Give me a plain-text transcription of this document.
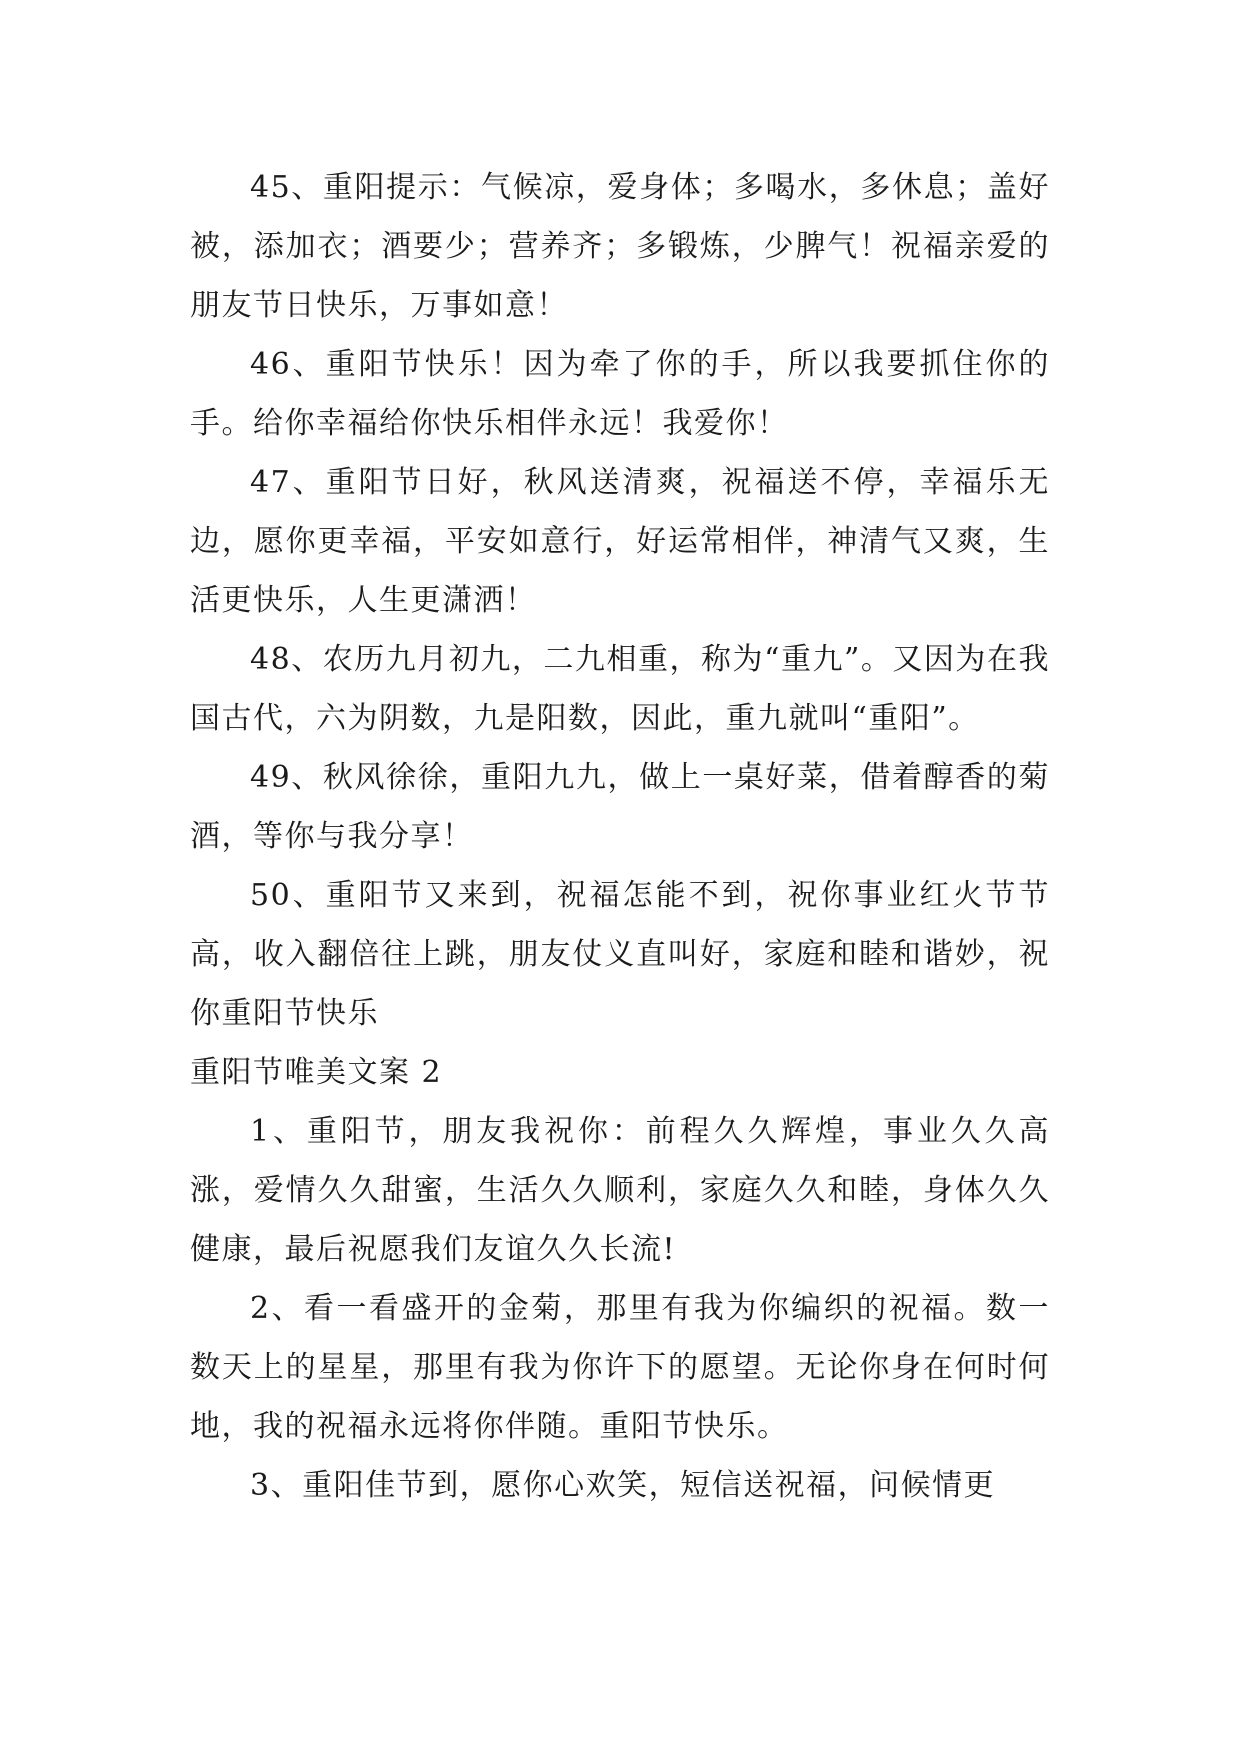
45、重阳提示：气候凉，爱身体；多喝水，多休息；盖好被，添加衣；酒要少；营养齐；多锻炼，少脾气！祝福亲爱的朋友节日快乐，万事如意！

46、重阳节快乐！因为牵了你的手，所以我要抓住你的手。给你幸福给你快乐相伴永远！我爱你！

47、重阳节日好，秋风送清爽，祝福送不停，幸福乐无边，愿你更幸福，平安如意行，好运常相伴，神清气又爽，生活更快乐，人生更潇洒！

48、农历九月初九，二九相重，称为“重九”。又因为在我国古代，六为阴数，九是阳数，因此，重九就叫“重阳”。

49、秋风徐徐，重阳九九，做上一桌好菜，借着醇香的菊酒，等你与我分享！

50、重阳节又来到，祝福怎能不到，祝你事业红火节节高，收入翻倍往上跳，朋友仗义直叫好，家庭和睦和谐妙，祝你重阳节快乐

重阳节唯美文案 2

1、重阳节，朋友我祝你：前程久久辉煌，事业久久高涨，爱情久久甜蜜，生活久久顺利，家庭久久和睦，身体久久健康，最后祝愿我们友谊久久长流!

2、看一看盛开的金菊，那里有我为你编织的祝福。数一数天上的星星，那里有我为你许下的愿望。无论你身在何时何地，我的祝福永远将你伴随。重阳节快乐。

3、重阳佳节到，愿你心欢笑，短信送祝福，问候情更
